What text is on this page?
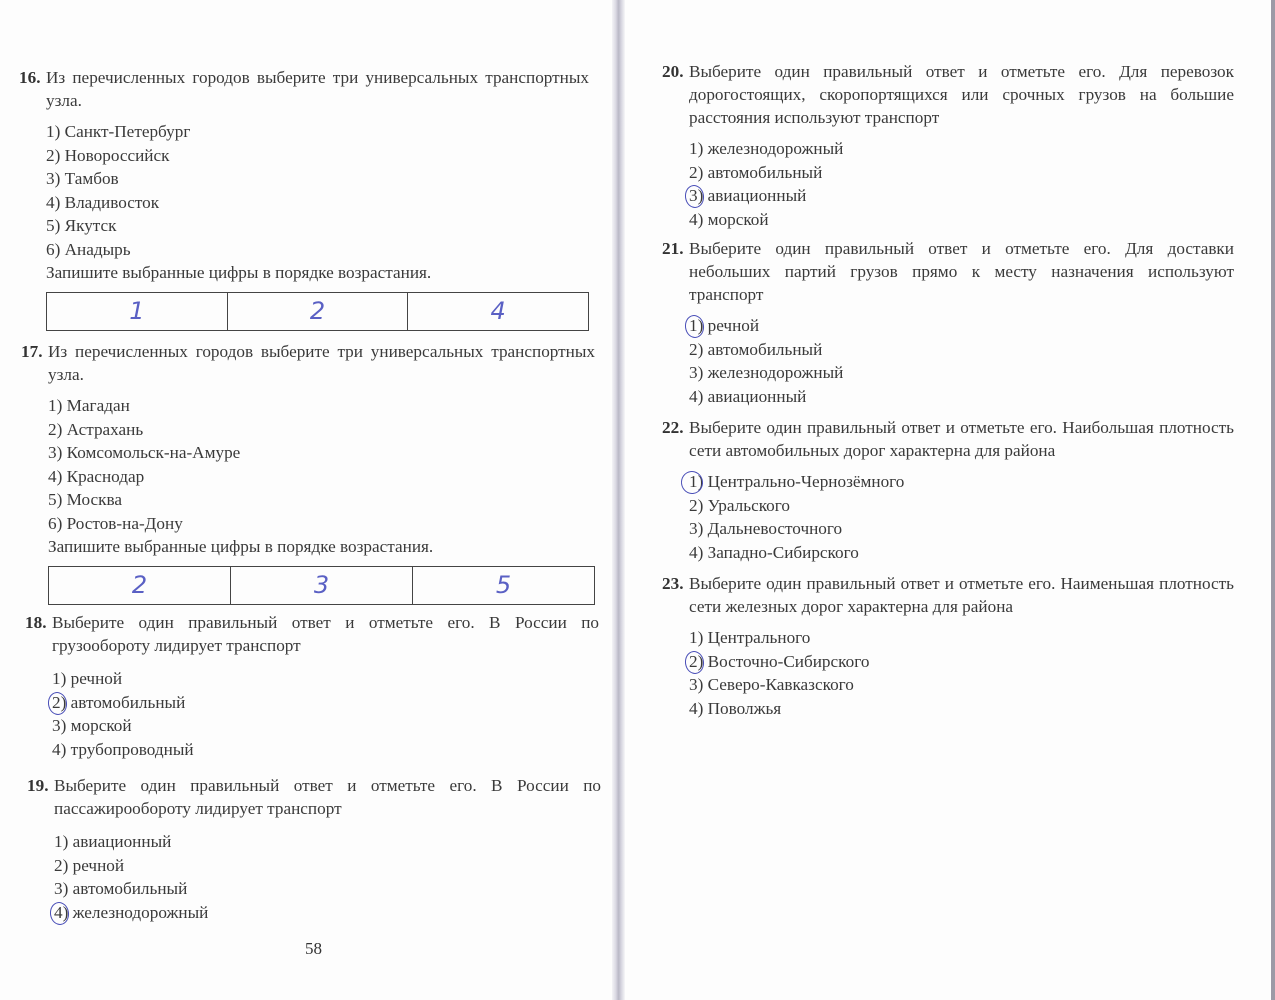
16. Из перечисленных городов выберите три универсальных транспортных узла.
1) Санкт-Петербург
2) Новороссийск
3) Тамбов
4) Владивосток
5) Якутск
6) Анадырь
Запишите выбранные цифры в порядке возрастания.
1	2	4
17. Из перечисленных городов выберите три универсальных транспортных узла.
1) Магадан
2) Астрахань
3) Комсомольск-на-Амуре
4) Краснодар
5) Москва
6) Ростов-на-Дону
Запишите выбранные цифры в порядке возрастания.
2	3	5
18. Выберите один правильный ответ и отметьте его. В России по грузообороту лидирует транспорт
1) речной
2) автомобильный
3) морской
4) трубопроводный
19. Выберите один правильный ответ и отметьте его. В России по пассажирообороту лидирует транспорт
1) авиационный
2) речной
3) автомобильный
4) железнодорожный
58
20. Выберите один правильный ответ и отметьте его. Для перевозок дорогостоящих, скоропортящихся или срочных грузов на большие расстояния используют транспорт
1) железнодорожный
2) автомобильный
3) авиационный
4) морской
21. Выберите один правильный ответ и отметьте его. Для доставки небольших партий грузов прямо к месту назначения используют транспорт
1) речной
2) автомобильный
3) железнодорожный
4) авиационный
22. Выберите один правильный ответ и отметьте его. Наибольшая плотность сети автомобильных дорог характерна для района
1) Центрально-Чернозёмного
2) Уральского
3) Дальневосточного
4) Западно-Сибирского
23. Выберите один правильный ответ и отметьте его. Наименьшая плотность сети железных дорог характерна для района
1) Центрального
2) Восточно-Сибирского
3) Северо-Кавказского
4) Поволжья
